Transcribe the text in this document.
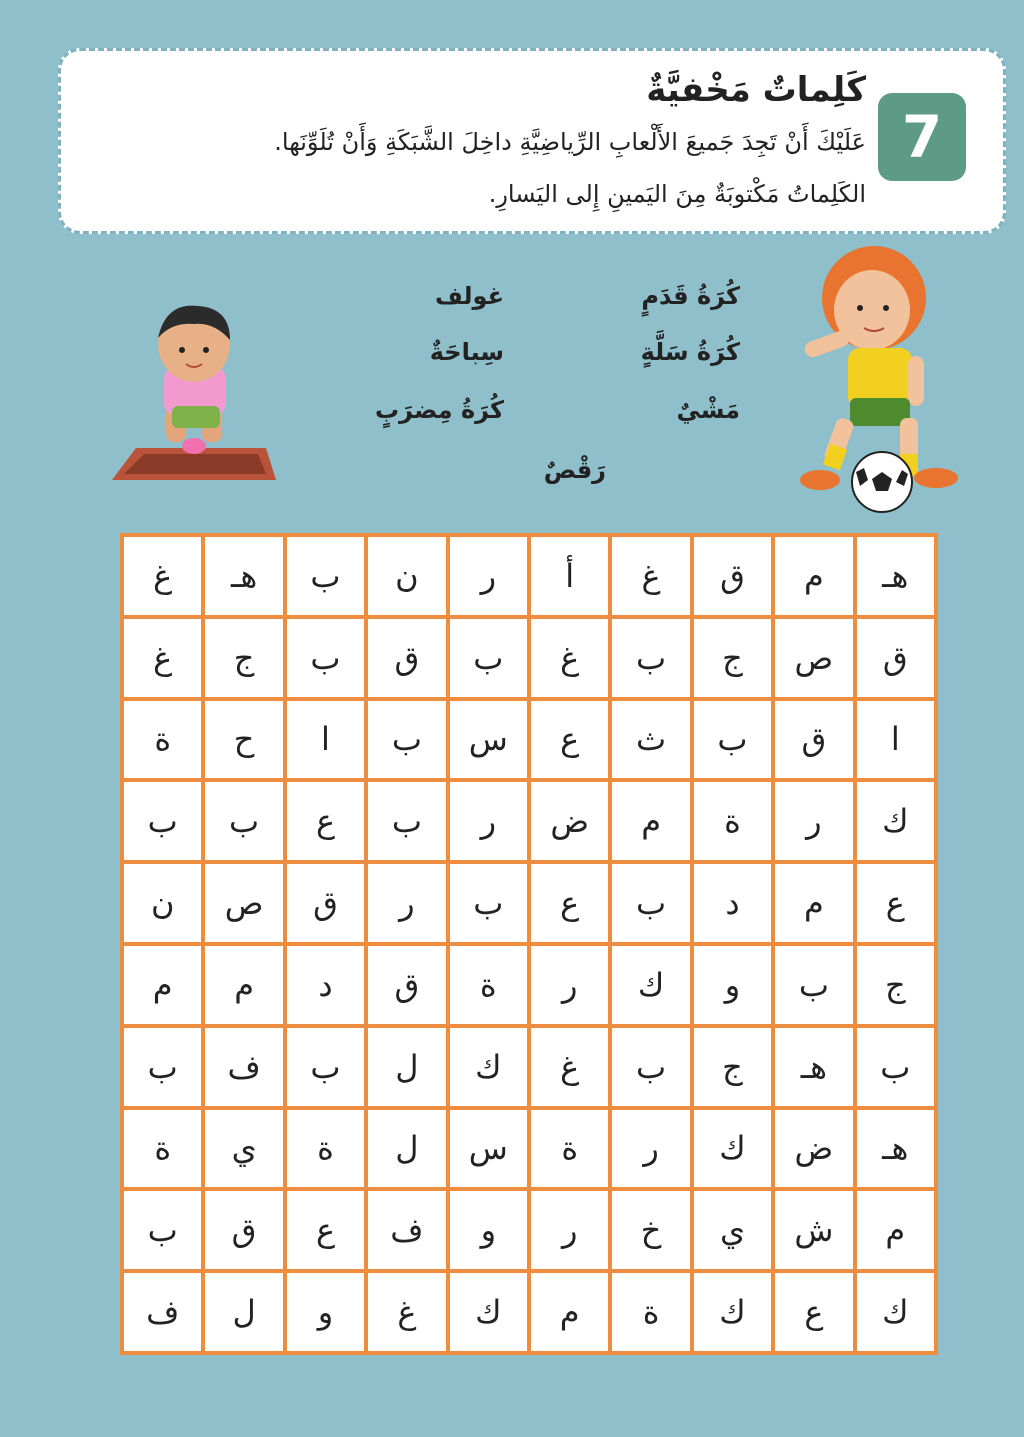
7
كَلِماتٌ مَخْفيَّةٌ
عَلَيْكَ أَنْ تَجِدَ جَميعَ الأَلْعابِ الرِّياضِيَّةِ داخِلَ الشَّبَكَةِ وَأَنْ تُلَوِّنَها.
الكَلِماتُ مَكْتوبَةٌ مِنَ اليَمينِ إِلى اليَسارِ.
كُرَةُ قَدَمٍ
كُرَةُ سَلَّةٍ
مَشْيٌ
غولف
سِباحَةٌ
كُرَةُ مِضرَبٍ
رَقْصٌ
غ	هـ	ب	ن	ر	أ	غ	ق	م	هـ
غ	ج	ب	ق	ب	غ	ب	ج	ص	ق
ة	ح	ا	ب	س	ع	ث	ب	ق	ا
ب	ب	ع	ب	ر	ض	م	ة	ر	ك
ن	ص	ق	ر	ب	ع	ب	د	م	ع
م	م	د	ق	ة	ر	ك	و	ب	ج
ب	ف	ب	ل	ك	غ	ب	ج	هـ	ب
ة	ي	ة	ل	س	ة	ر	ك	ض	هـ
ب	ق	ع	ف	و	ر	خ	ي	ش	م
ف	ل	و	غ	ك	م	ة	ك	ع	ك
